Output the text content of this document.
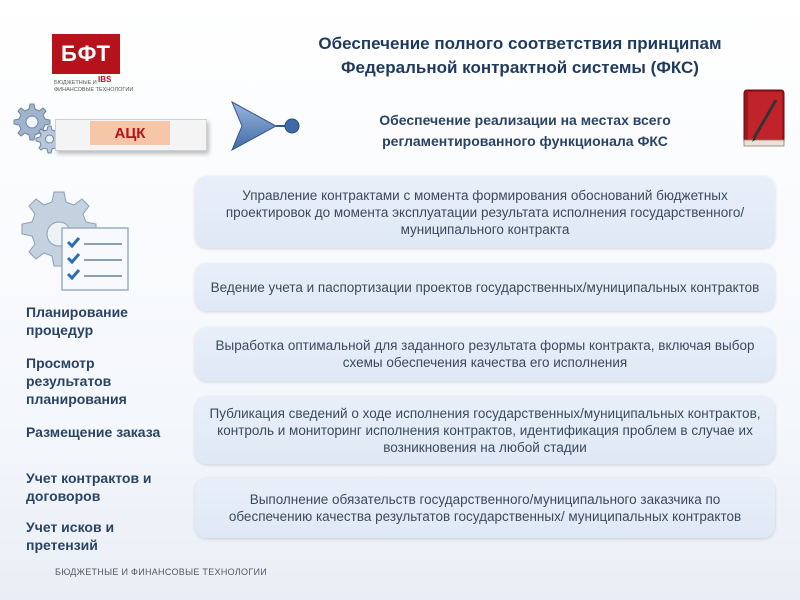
БФТ
IBS
БЮДЖЕТНЫЕ И ФИНАНСОВЫЕ ТЕХНОЛОГИИ
Обеспечение полного соответствия принципам
Федеральной контрактной системы (ФКС)
АЦК
Обеспечение реализации на местах всего
регламентированного функционала ФКС
Планирование процедур
Просмотр результатов планирования
Размещение заказа
Учет контрактов и договоров
Учет исков и претензий
Управление контрактами с момента формирования обоснований бюджетных проектировок до момента эксплуатации результата исполнения государственного/муниципального контракта
Ведение учета и паспортизации проектов государственных/муниципальных контрактов
Выработка оптимальной для заданного результата формы контракта, включая выбор схемы обеспечения качества его исполнения
Публикация сведений о ходе исполнения государственных/муниципальных контрактов, контроль и мониторинг исполнения контрактов, идентификация проблем в случае их возникновения на любой стадии
Выполнение обязательств государственного/муниципального заказчика по обеспечению качества результатов государственных/ муниципальных контрактов
БЮДЖЕТНЫЕ И ФИНАНСОВЫЕ ТЕХНОЛОГИИ
